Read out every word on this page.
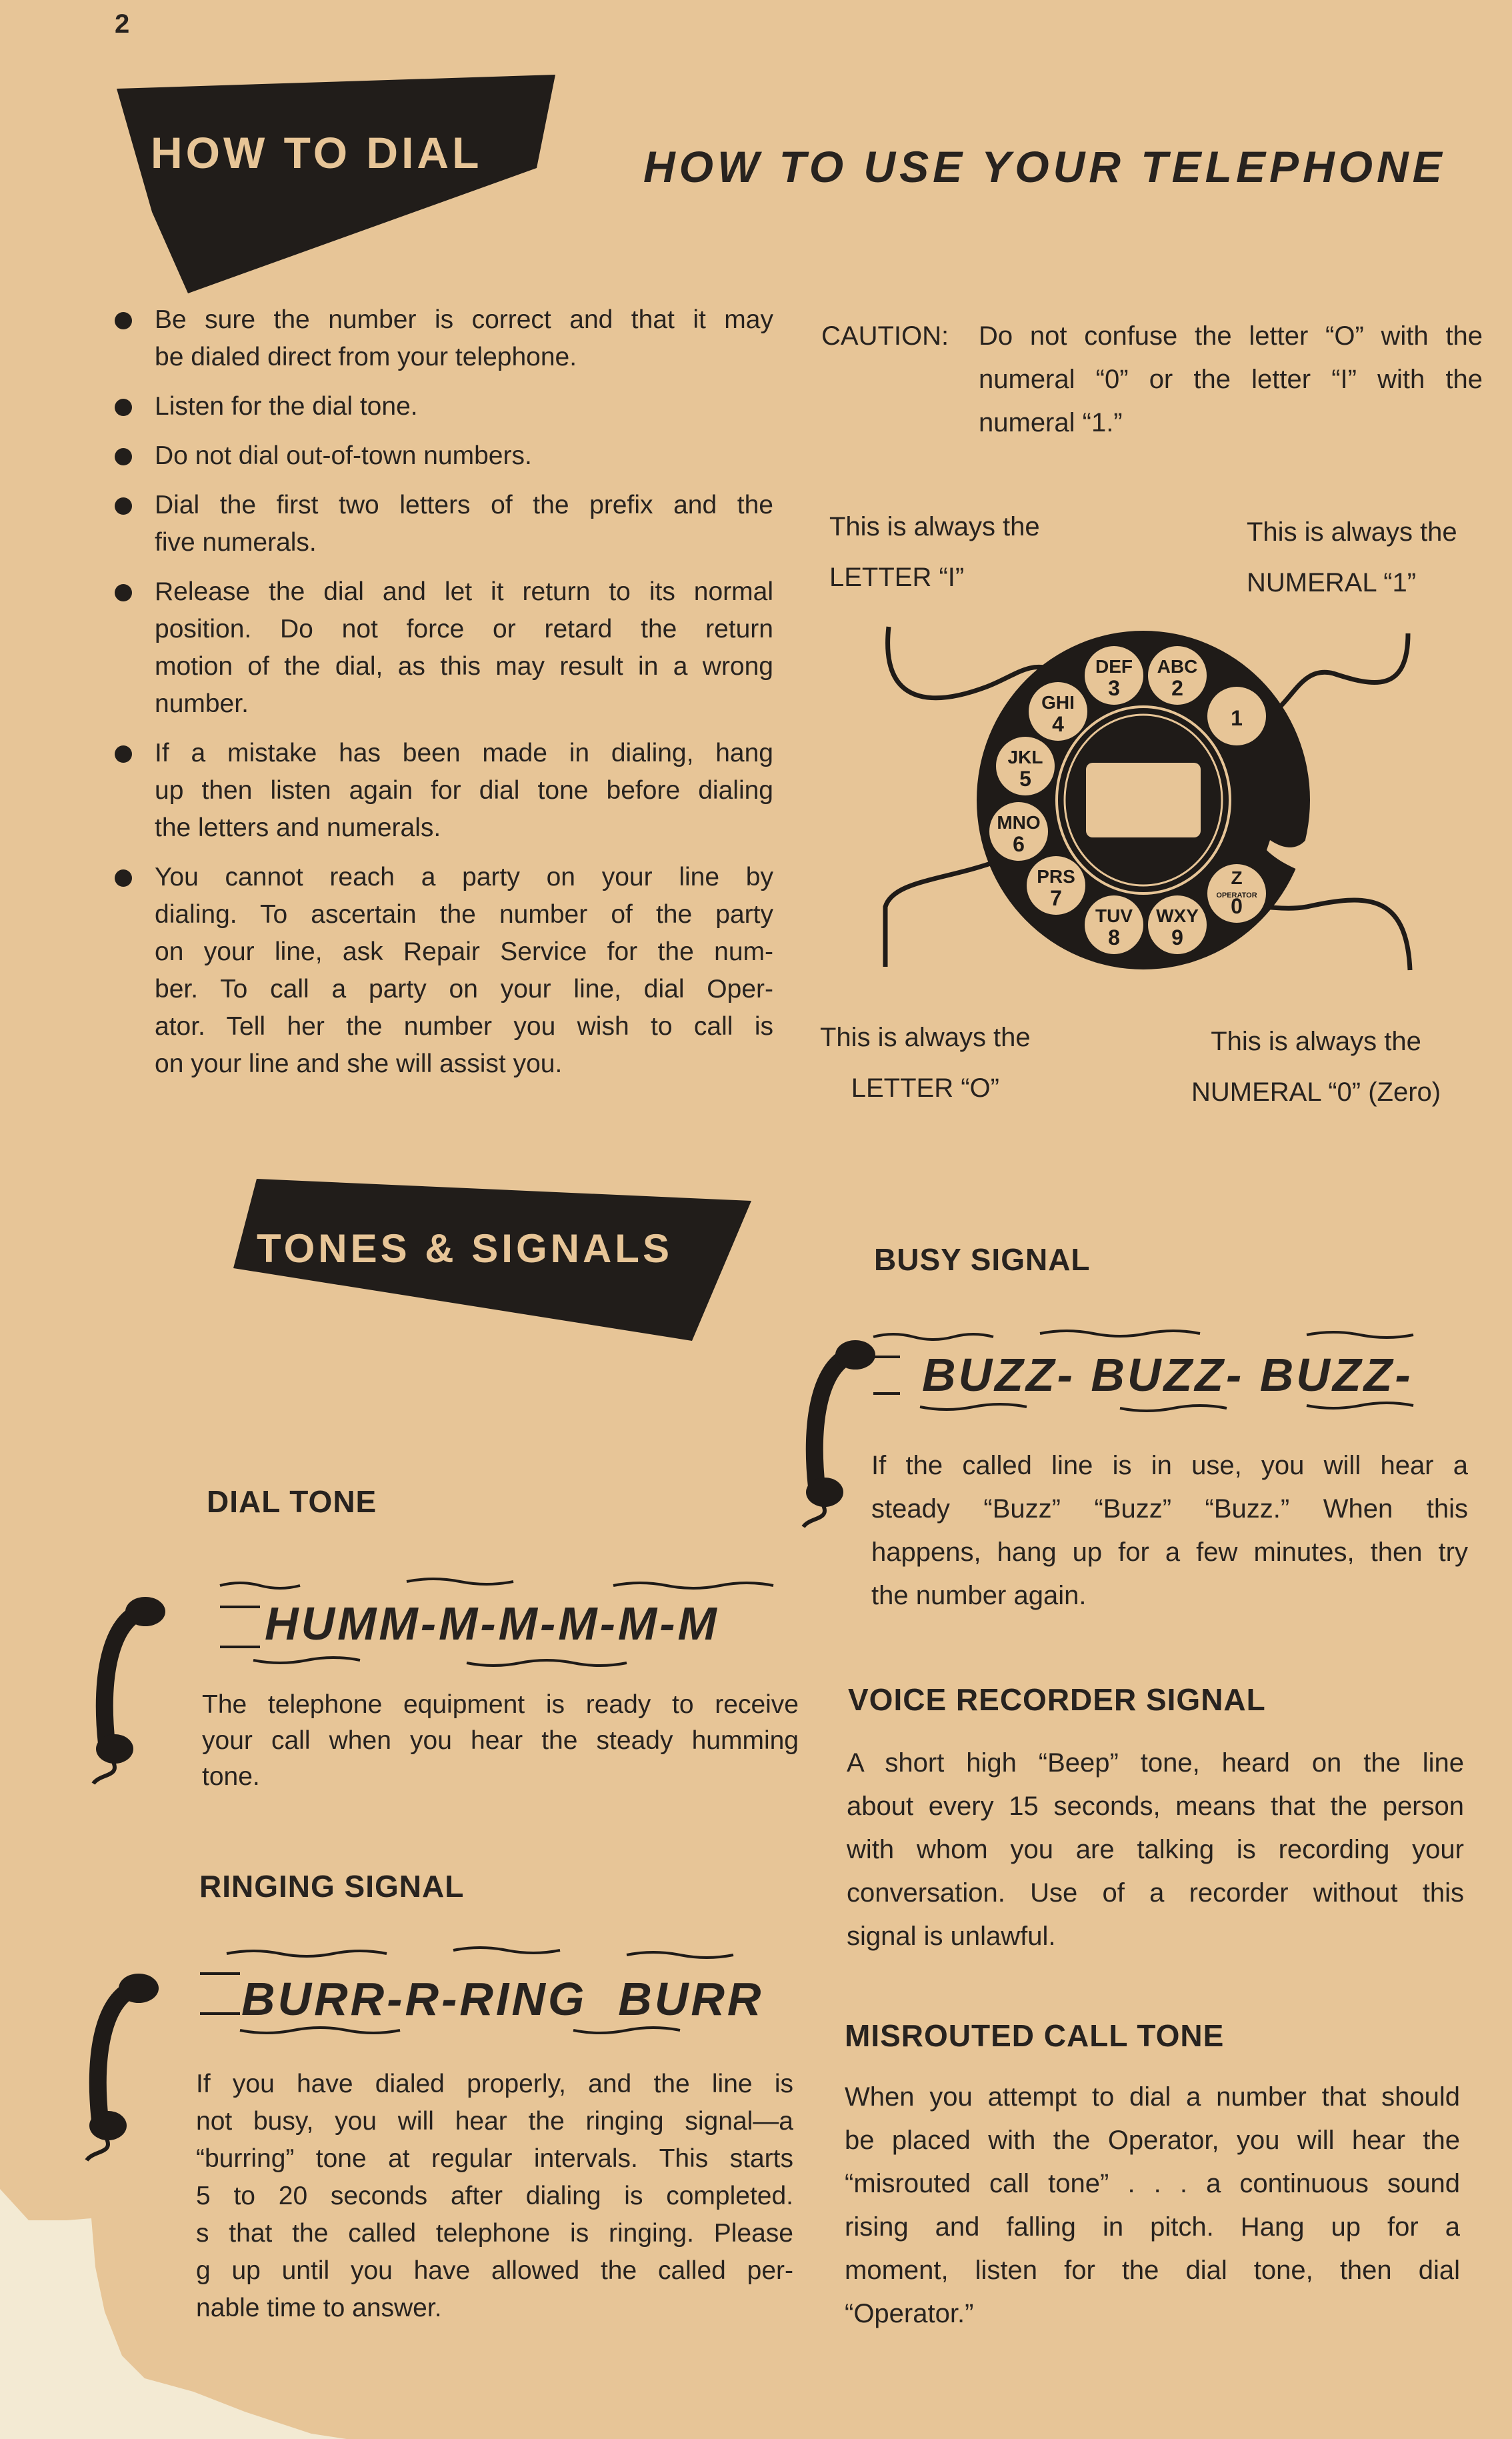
HOW TO DIAL
TONES & SIGNALS
1
ABC
2
DEF
3
GHI
4
JKL
5
MNO
6
PRS
7
TUV
8
WXY
9
Z
OPERATOR
0
2
HOW TO USE YOUR TELEPHONE
Be sure the number is correct and that it may
be dialed direct from your telephone.
Listen for the dial tone.
Do not dial out-of-town numbers.
Dial the first two letters of the prefix and the
five numerals.
Release the dial and let it return to its normal
position. Do not force or retard the return
motion of the dial, as this may result in a wrong
number.
If a mistake has been made in dialing, hang
up then listen again for dial tone before dialing
the letters and numerals.
You cannot reach a party on your line by
dialing. To ascertain the number of the party
on your line, ask Repair Service for the num-
ber. To call a party on your line, dial Oper-
ator. Tell her the number you wish to call is
on your line and she will assist you.
CAUTION: Do not confuse the letter “O” with the
numeral “0” or the letter “I” with the
numeral “1.”
This is always the
LETTER “I”
This is always the
NUMERAL “1”
This is always the
LETTER “O”
This is always the
NUMERAL “0” (Zero)
DIAL TONE
HUMM-M-M-M-M-M
The telephone equipment is ready to receive
your call when you hear the steady humming
tone.
RINGING SIGNAL
BURR-R-RING  BURR
If you have dialed properly, and the line is
not busy, you will hear the ringing signal—a
“burring” tone at regular intervals. This starts
5 to 20 seconds after dialing is completed.
s that the called telephone is ringing. Please
g up until you have allowed the called per-
nable time to answer.
BUSY SIGNAL
BUZZ- BUZZ- BUZZ-
If the called line is in use, you will hear a
steady “Buzz” “Buzz” “Buzz.” When this
happens, hang up for a few minutes, then try
the number again.
VOICE RECORDER SIGNAL
A short high “Beep” tone, heard on the line
about every 15 seconds, means that the person
with whom you are talking is recording your
conversation. Use of a recorder without this
signal is unlawful.
MISROUTED CALL TONE
When you attempt to dial a number that should
be placed with the Operator, you will hear the
“misrouted call tone” . . . a continuous sound
rising and falling in pitch. Hang up for a
moment, listen for the dial tone, then dial
“Operator.”
